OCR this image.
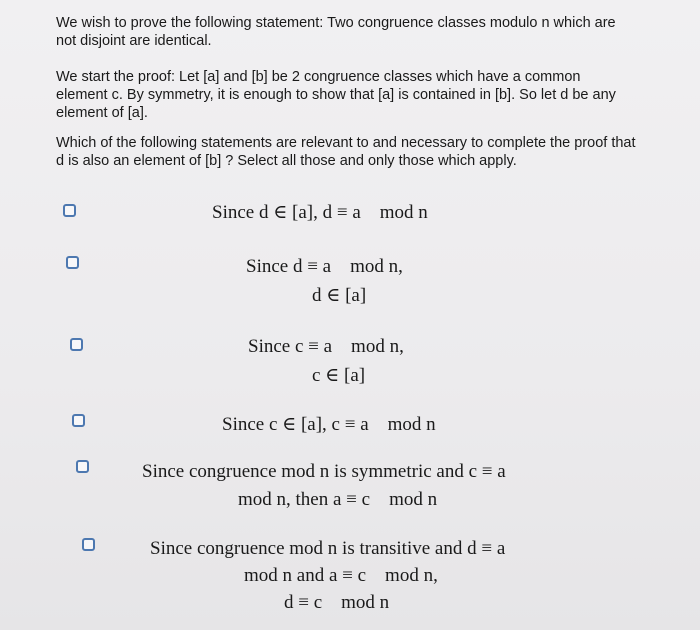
We wish to prove the following statement: Two congruence classes modulo n which are not disjoint are identical.
We start the proof: Let [a] and [b] be 2 congruence classes which have a common element c. By symmetry, it is enough to show that [a] is contained in [b]. So let d be any element of [a].
Which of the following statements are relevant to and necessary to complete the proof that d is also an element of [b] ? Select all those and only those which apply.
Since d ∈ [a], d ≡ a    mod n
Since d ≡ a    mod n,
d ∈ [a]
Since c ≡ a    mod n,
c ∈ [a]
Since c ∈ [a], c ≡ a    mod n
Since congruence mod n is symmetric and c ≡ a
mod n, then a ≡ c    mod n
Since congruence mod n is transitive and d ≡ a
mod n and a ≡ c    mod n,
d ≡ c    mod n
